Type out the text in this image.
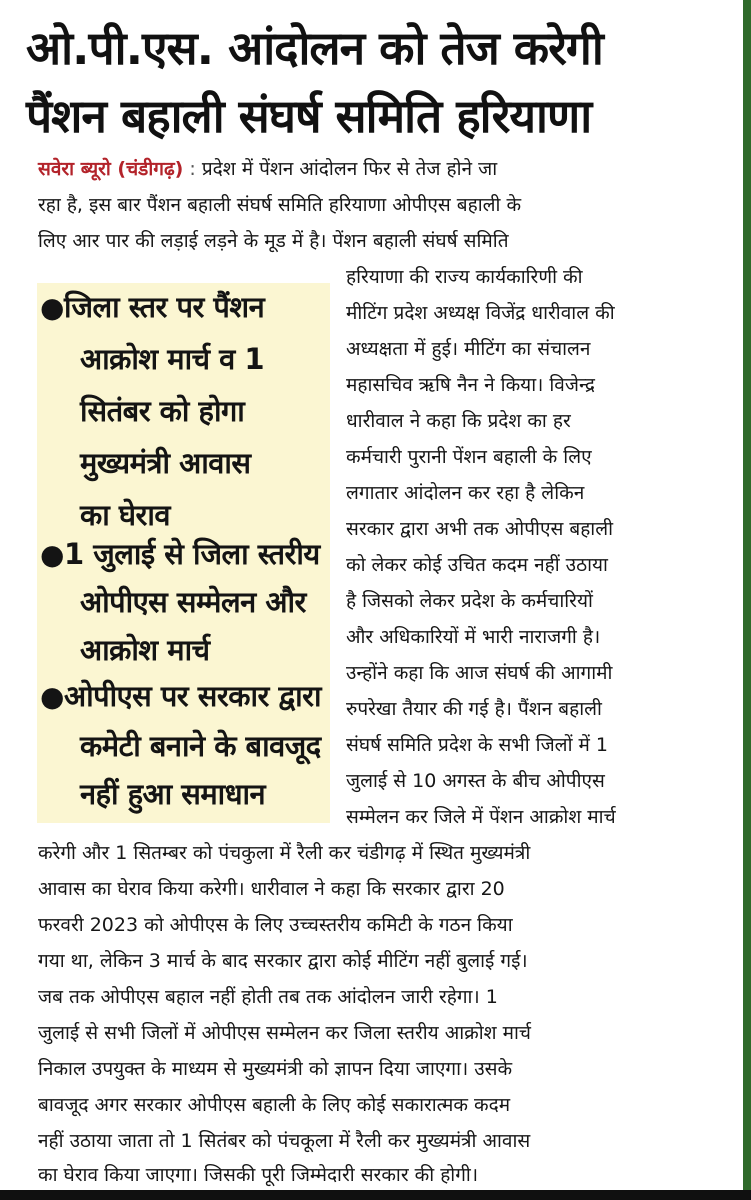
ओ.पी.एस. आंदोलन को तेज करेगी
पैंशन बहाली संघर्ष समिति हरियाणा
सवेरा ब्यूरो (चंडीगढ़) : प्रदेश में पेंशन आंदोलन फिर से तेज होने जा
रहा है, इस बार पैंशन बहाली संघर्ष समिति हरियाणा ओपीएस बहाली के
लिए आर पार की लड़ाई लड़ने के मूड में है। पेंशन बहाली संघर्ष समिति
●जिला स्तर पर पैंशन
आक्रोश मार्च व 1
सितंबर को होगा
मुख्यमंत्री आवास
का घेराव
●1 जुलाई से जिला स्तरीय
ओपीएस सम्मेलन और
आक्रोश मार्च
●ओपीएस पर सरकार द्वारा
कमेटी बनाने के बावजूद
नहीं हुआ समाधान
हरियाणा की राज्य कार्यकारिणी की
मीटिंग प्रदेश अध्यक्ष विजेंद्र धारीवाल की
अध्यक्षता में हुई। मीटिंग का संचालन
महासचिव ऋषि नैन ने किया। विजेन्द्र
धारीवाल ने कहा कि प्रदेश का हर
कर्मचारी पुरानी पेंशन बहाली के लिए
लगातार आंदोलन कर रहा है लेकिन
सरकार द्वारा अभी तक ओपीएस बहाली
को लेकर कोई उचित कदम नहीं उठाया
है जिसको लेकर प्रदेश के कर्मचारियों
और अधिकारियों में भारी नाराजगी है।
उन्होंने कहा कि आज संघर्ष की आगामी
रुपरेखा तैयार की गई है। पैंशन बहाली
संघर्ष समिति प्रदेश के सभी जिलों में 1
जुलाई से 10 अगस्त के बीच ओपीएस
सम्मेलन कर जिले में पेंशन आक्रोश मार्च
करेगी और 1 सितम्बर को पंचकुला में रैली कर चंडीगढ़ में स्थित मुख्यमंत्री
आवास का घेराव किया करेगी। धारीवाल ने कहा कि सरकार द्वारा 20
फरवरी 2023 को ओपीएस के लिए उच्चस्तरीय कमिटी के गठन किया
गया था, लेकिन 3 मार्च के बाद सरकार द्वारा कोई मीटिंग नहीं बुलाई गई।
जब तक ओपीएस बहाल नहीं होती तब तक आंदोलन जारी रहेगा। 1
जुलाई से सभी जिलों में ओपीएस सम्मेलन कर जिला स्तरीय आक्रोश मार्च
निकाल उपयुक्त के माध्यम से मुख्यमंत्री को ज्ञापन दिया जाएगा। उसके
बावजूद अगर सरकार ओपीएस बहाली के लिए कोई सकारात्मक कदम
नहीं उठाया जाता तो 1 सितंबर को पंचकूला में रैली कर मुख्यमंत्री आवास
का घेराव किया जाएगा। जिसकी पूरी जिम्मेदारी सरकार की होगी।
